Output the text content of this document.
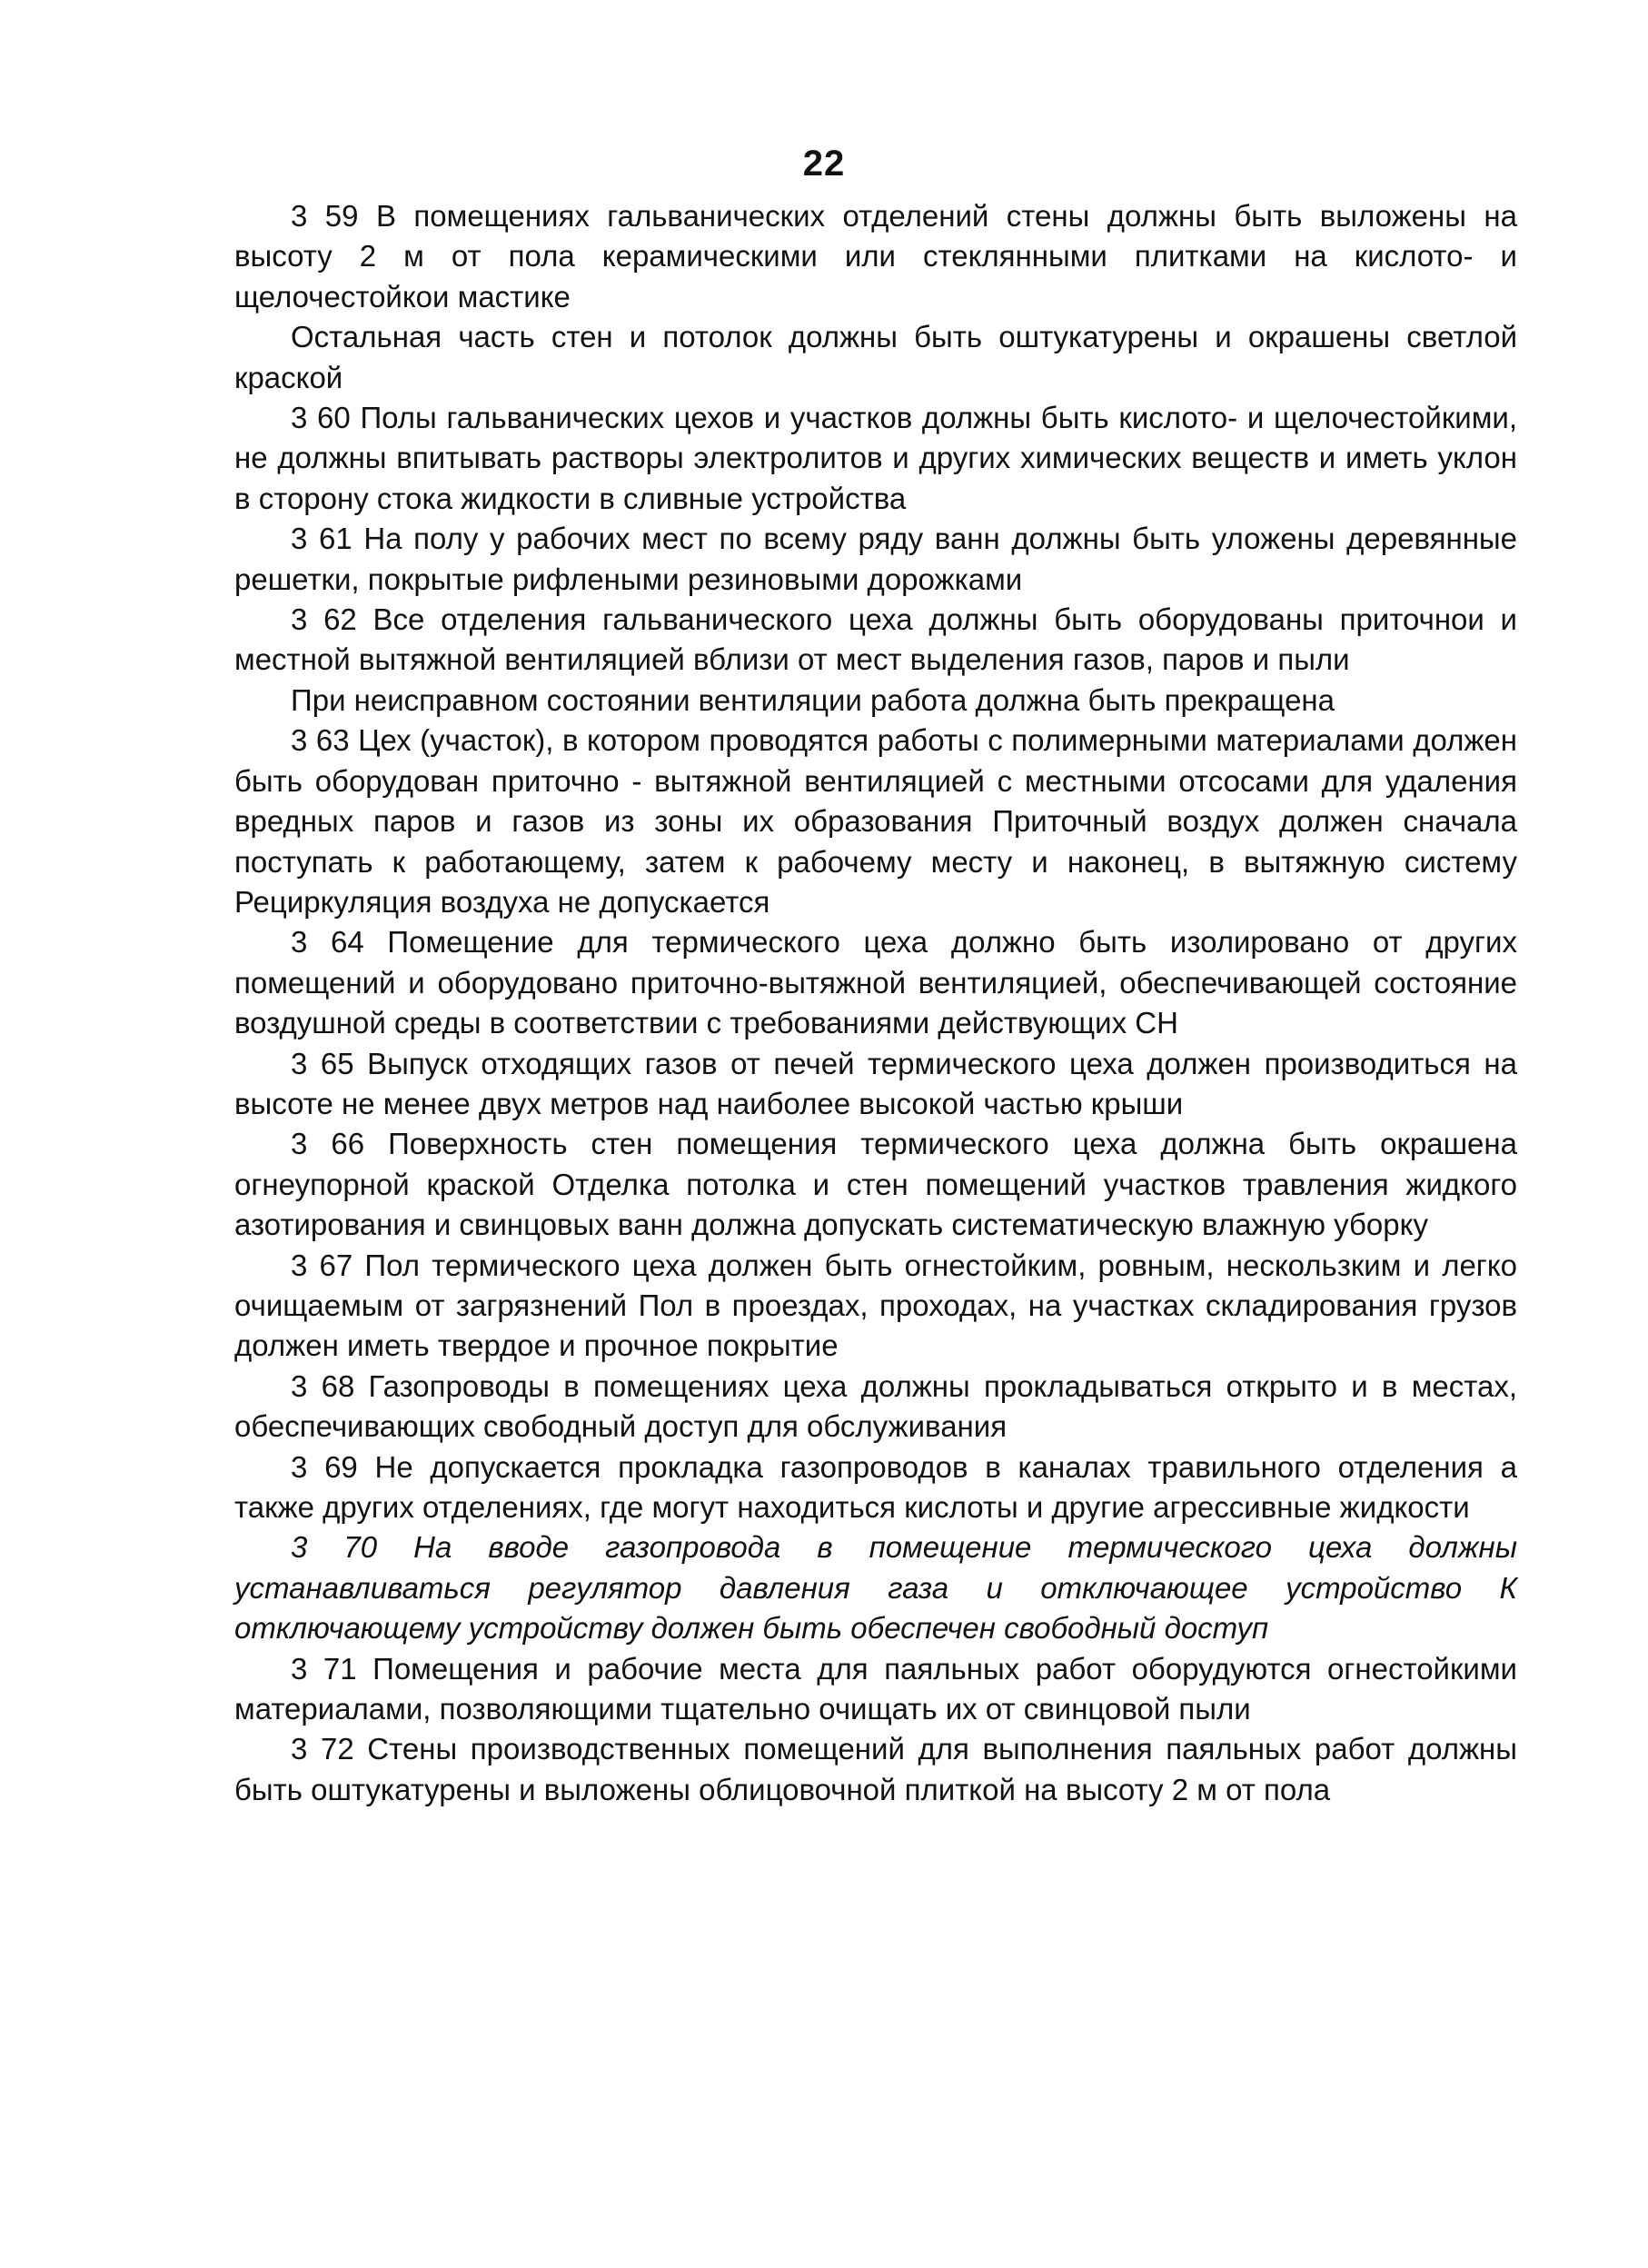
22

3 59 В помещениях гальванических отделений стены должны быть выложены на высоту 2 м от пола керамическими или стеклянными плитками на кислото- и щелочестойкои мастике

Остальная часть стен и потолок должны быть оштукатурены и окрашены светлой краской

3 60 Полы гальванических цехов и участков должны быть кислото- и щелочестойкими, не должны впитывать растворы электролитов и других химических веществ и иметь уклон в сторону стока жидкости в сливные устройства

3 61 На полу у рабочих мест по всему ряду ванн должны быть уложены деревянные решетки, покрытые рифлеными резиновыми дорожками

3 62 Все отделения гальванического цеха должны быть оборудованы приточнои и местной вытяжной вентиляцией вблизи от мест выделения газов, паров и пыли

При неисправном состоянии вентиляции работа должна быть прекращена

3 63 Цех (участок), в котором проводятся работы с полимерными материалами должен быть оборудован приточно - вытяжной вентиляцией с местными отсосами для удаления вредных паров и газов из зоны их образования Приточный воздух должен сначала поступать к работающему, затем к рабочему месту и наконец, в вытяжную систему Рециркуляция воздуха не допускается

3 64 Помещение для термического цеха должно быть изолировано от других помещений и оборудовано приточно-вытяжной вентиляцией, обеспечивающей состояние воздушной среды в соответствии с требованиями действующих СН

3 65 Выпуск отходящих газов от печей термического цеха должен производиться на высоте не менее двух метров над наиболее высокой частью крыши

3 66 Поверхность стен помещения термического цеха должна быть окрашена огнеупорной краской Отделка потолка и стен помещений участков травления жидкого азотирования и свинцовых ванн должна допускать систематическую влажную уборку

3 67 Пол термического цеха должен быть огнестойким, ровным, нескользким и легко очищаемым от загрязнений Пол в проездах, проходах, на участках складирования грузов должен иметь твердое и прочное покрытие

3 68 Газопроводы в помещениях цеха должны прокладываться открыто и в местах, обеспечивающих свободный доступ для обслуживания

3 69 Не допускается прокладка газопроводов в каналах травильного отделения а также других отделениях, где могут находиться кислоты и другие агрессивные жидкости

3 70 На вводе газопровода в помещение термического цеха должны устанавливаться регулятор давления газа и отключающее устройство К отключающему устройству должен быть обеспечен свободный доступ

3 71 Помещения и рабочие места для паяльных работ оборудуются огнестойкими материалами, позволяющими тщательно очищать их от свинцовой пыли

3 72 Стены производственных помещений для выполнения паяльных работ должны быть оштукатурены и выложены облицовочной плиткой на высоту 2 м от пола
